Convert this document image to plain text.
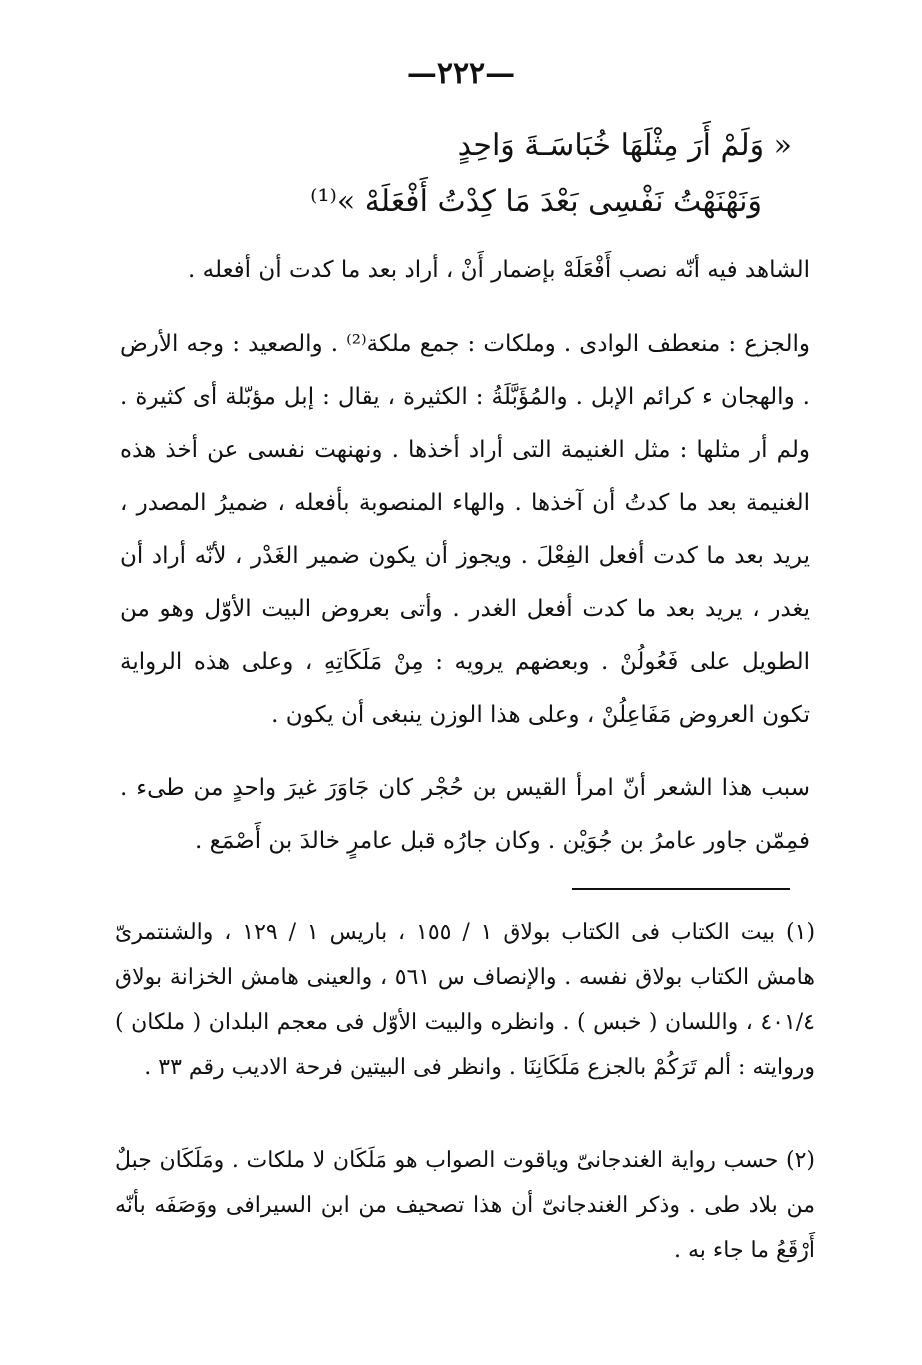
—٢٢٢—
« وَلَمْ أَرَ مِثْلَهَا خُبَاسَـةَ وَاحِدٍ
وَنَهْنَهْتُ نَفْسِى بَعْدَ مَا كِدْتُ أَفْعَلَهْ »⁽¹⁾

الشاهد فيه أنّه نصب أَفْعَلَهْ بإضمار أَنْ ، أراد بعد ما كدت أن أفعله .

والجزع : منعطف الوادى . وملكات : جمع ملكة⁽²⁾ . والصعيد : وجه الأرض . والهجان ء كرائم الإبل . والمُؤَبَّلَةُ : الكثيرة ، يقال : إبل مؤبّلة أى كثيرة . ولم أر مثلها : مثل الغنيمة التى أراد أخذها . ونهنهت نفسى عن أخذ هذه الغنيمة بعد ما كدتُ أن آخذها . والهاء المنصوبة بأفعله ، ضميرُ المصدر ، يريد بعد ما كدت أفعل الفِعْلَ . ويجوز أن يكون ضمير الغَدْر ، لأنّه أراد أن يغدر ، يريد بعد ما كدت أفعل الغدر . وأتى بعروض البيت الأوّل وهو من الطويل على فَعُولُنْ . وبعضهم يرويه : مِنْ مَلَكَاتِهِ ، وعلى هذه الرواية تكون العروض مَفَاعِلُنْ ، وعلى هذا الوزن ينبغى أن يكون .

سبب هذا الشعر أنّ امرأ القيس بن حُجْر كان جَاوَرَ غيرَ واحدٍ من طىء . فمِمّن جاور عامرُ بن جُوَيْن . وكان جارُه قبل عامرٍ خالدَ بن أَصْمَع .

(١) بيت الكتاب فى الكتاب بولاق ١ / ١٥٥ ، باريس ١ / ١٢٩ ، والشنتمرىّ هامش الكتاب بولاق نفسه . والإنصاف س ٥٦١ ، والعينى هامش الخزانة بولاق ٤٠١/٤ ، واللسان ( خبس ) . وانظره والبيت الأوّل فى معجم البلدان ( ملكان ) وروايته : ألم تَرَكُمْ بالجزع مَلَكَانِنَا . وانظر فى البيتين فرحة الاديب رقم ٣٣ .

(٢) حسب رواية الغندجانىّ وياقوت الصواب هو مَلَكَان لا ملكات . ومَلَكَان جبلٌ من بلاد طى . وذكر الغندجانىّ أن هذا تصحيف من ابن السيرافى ووَصَفَه بأنّه أَرْقَعُ ما جاء به .
